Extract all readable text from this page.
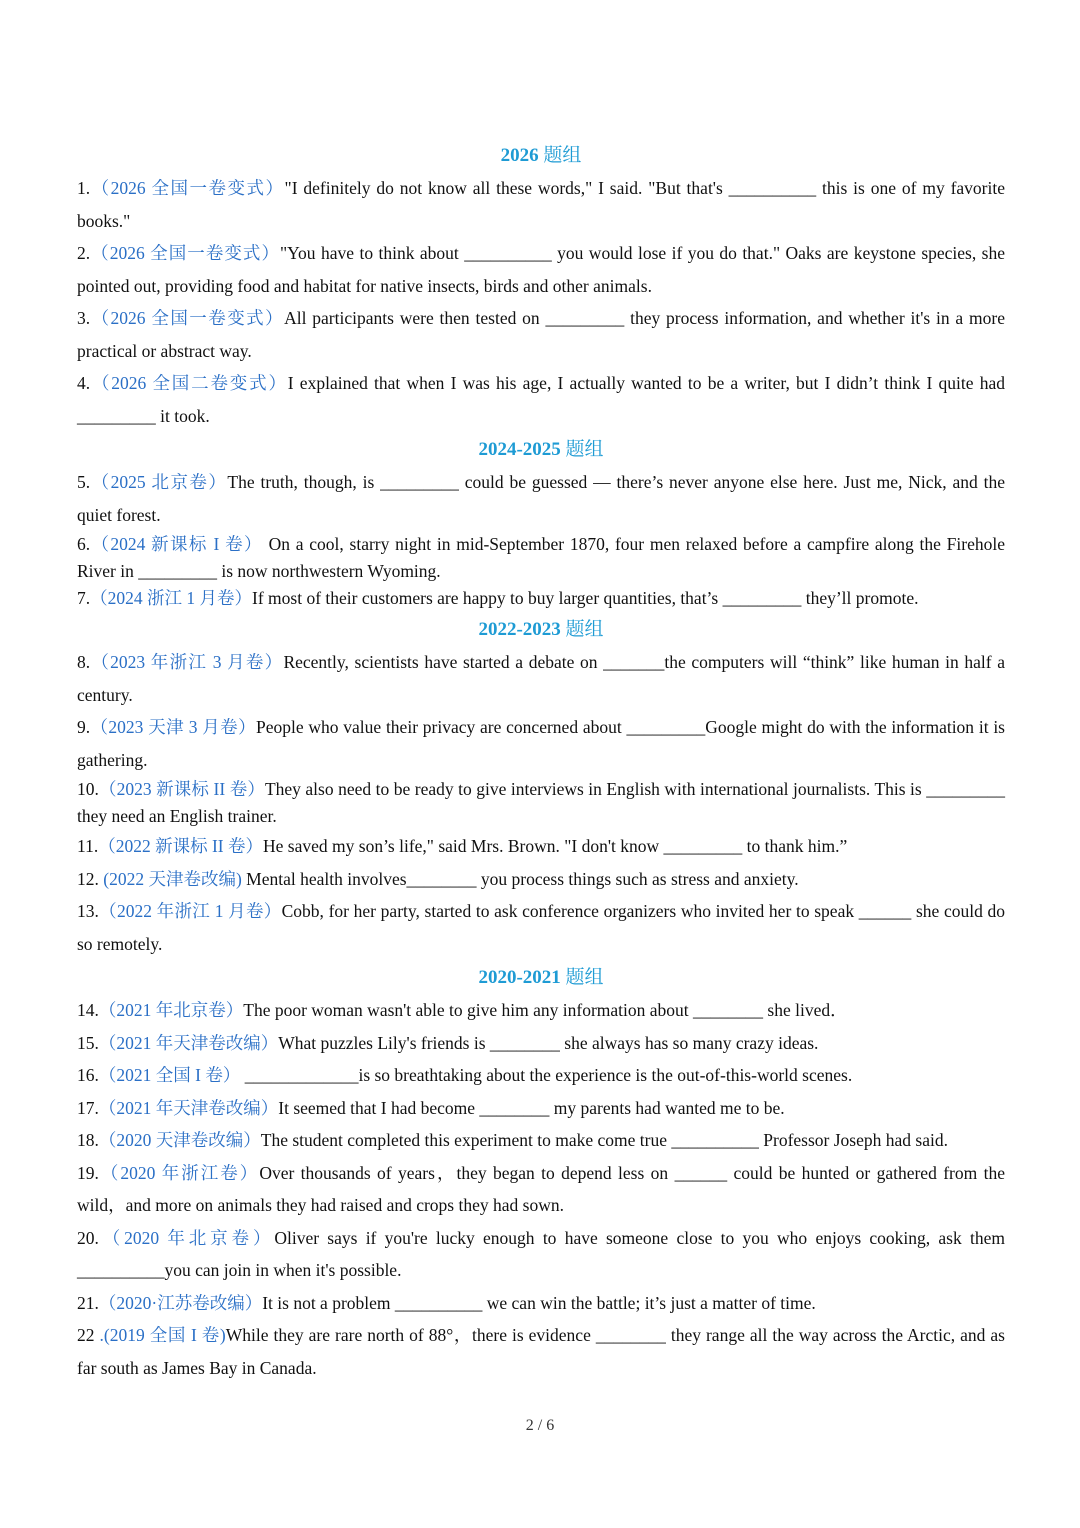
2026 题组

1.（2026 全国一卷变式）"I definitely do not know all these words," I said. "But that's __________ this is one of my favorite books."

2.（2026 全国一卷变式）"You have to think about __________ you would lose if you do that." Oaks are keystone species, she pointed out, providing food and habitat for native insects, birds and other animals.

3.（2026 全国一卷变式）All participants were then tested on _________ they process information, and whether it's in a more practical or abstract way.

4.（2026 全国二卷变式）I explained that when I was his age, I actually wanted to be a writer, but I didn’t think I quite had _________ it took.

2024-2025 题组

5.（2025 北京卷）The truth, though, is _________ could be guessed — there’s never anyone else here. Just me, Nick, and the quiet forest.

6.（2024 新课标 I 卷） On a cool, starry night in mid-September 1870, four men relaxed before a campfire along the Firehole River in _________ is now northwestern Wyoming.

7.（2024 浙江 1 月卷）If most of their customers are happy to buy larger quantities, that’s _________ they’ll promote.

2022-2023 题组

8.（2023 年浙江 3 月卷）Recently, scientists have started a debate on _______the computers will “think” like human in half a century.

9.（2023 天津 3 月卷）People who value their privacy are concerned about _________Google might do with the information it is gathering.

10.（2023 新课标 II 卷）They also need to be ready to give interviews in English with international journalists. This is _________ they need an English trainer.

11.（2022 新课标 II 卷）He saved my son’s life," said Mrs. Brown. "I don't know _________ to thank him.”

12. (2022 天津卷改编) Mental health involves________ you process things such as stress and anxiety.

13.（2022 年浙江 1 月卷）Cobb, for her party, started to ask conference organizers who invited her to speak ______ she could do so remotely.

2020-2021 题组

14.（2021 年北京卷）The poor woman wasn't able to give him any information about ________ she lived．

15.（2021 年天津卷改编）What puzzles Lily's friends is ________ she always has so many crazy ideas.

16.（2021 全国 I 卷） _____________is so breathtaking about the experience is the out-of-this-world scenes.

17.（2021 年天津卷改编）It seemed that I had become ________ my parents had wanted me to be.

18.（2020 天津卷改编）The student completed this experiment to make come true __________ Professor Joseph had said.

19.（2020 年浙江卷）Over thousands of years，they began to depend less on ______ could be hunted or gathered from the wild，and more on animals they had raised and crops they had sown.

20.（2020 年北京卷）Oliver says if you're lucky enough to have someone close to you who enjoys cooking, ask them __________you can join in when it's possible.

21.（2020·江苏卷改编）It is not a problem __________ we can win the battle; it’s just a matter of time.

22 .(2019 全国 I 卷)While they are rare north of 88°，there is evidence ________ they range all the way across the Arctic, and as far south as James Bay in Canada.

2 / 6
